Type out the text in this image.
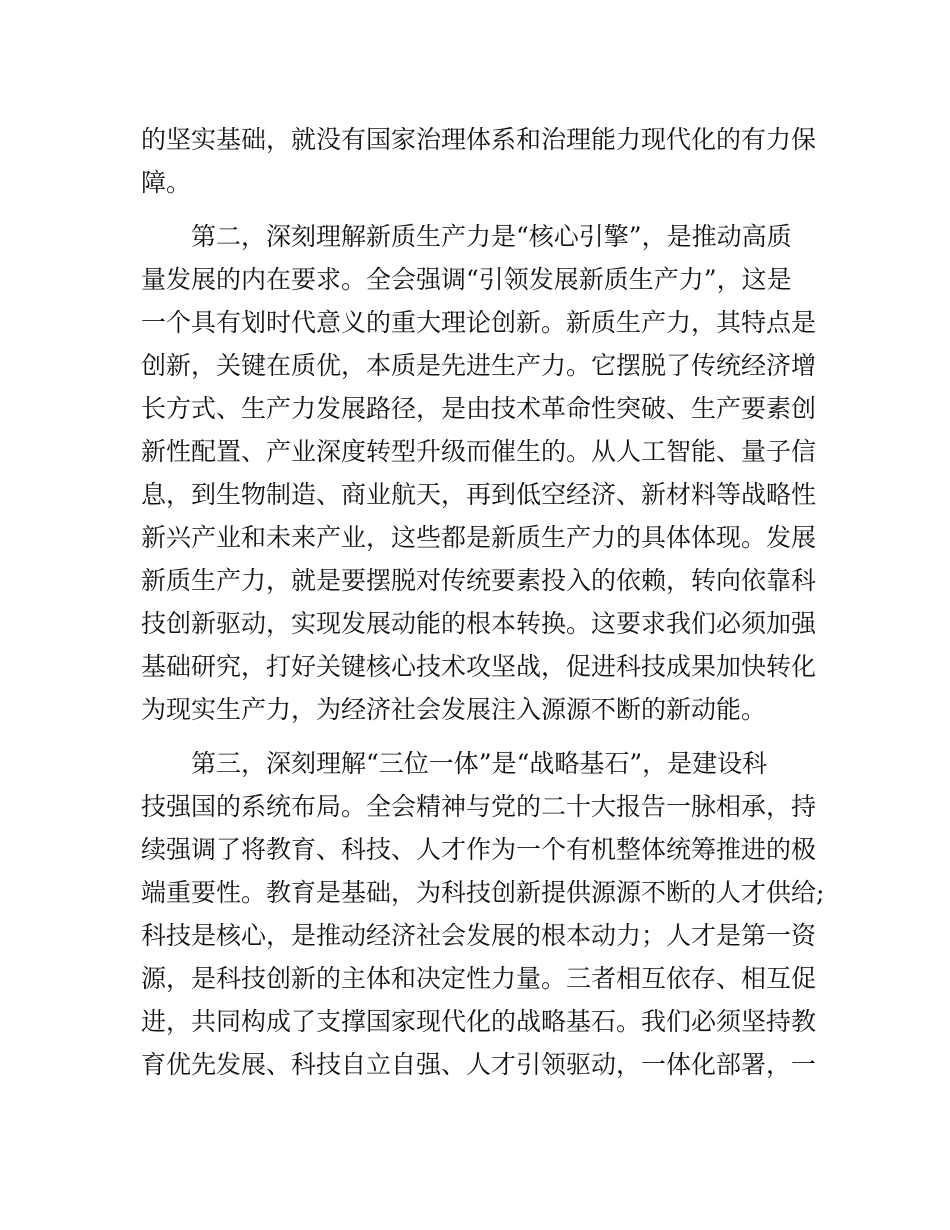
的坚实基础，就没有国家治理体系和治理能力现代化的有力保
障。
　　第二，深刻理解新质生产力是“核心引擎”，是推动高质
量发展的内在要求。全会强调“引领发展新质生产力”，这是
一个具有划时代意义的重大理论创新。新质生产力，其特点是
创新，关键在质优，本质是先进生产力。它摆脱了传统经济增
长方式、生产力发展路径，是由技术革命性突破、生产要素创
新性配置、产业深度转型升级而催生的。从人工智能、量子信
息，到生物制造、商业航天，再到低空经济、新材料等战略性
新兴产业和未来产业，这些都是新质生产力的具体体现。发展
新质生产力，就是要摆脱对传统要素投入的依赖，转向依靠科
技创新驱动，实现发展动能的根本转换。这要求我们必须加强
基础研究，打好关键核心技术攻坚战，促进科技成果加快转化
为现实生产力，为经济社会发展注入源源不断的新动能。
　　第三，深刻理解“三位一体”是“战略基石”，是建设科
技强国的系统布局。全会精神与党的二十大报告一脉相承，持
续强调了将教育、科技、人才作为一个有机整体统筹推进的极
端重要性。教育是基础，为科技创新提供源源不断的人才供给;
科技是核心，是推动经济社会发展的根本动力；人才是第一资
源，是科技创新的主体和决定性力量。三者相互依存、相互促
进，共同构成了支撑国家现代化的战略基石。我们必须坚持教
育优先发展、科技自立自强、人才引领驱动，一体化部署，一
